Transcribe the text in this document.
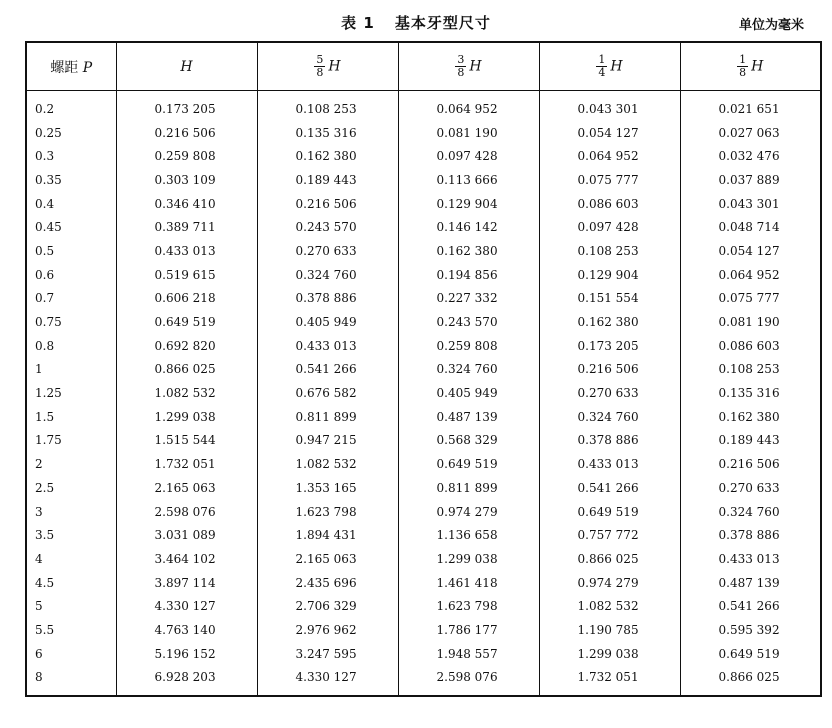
表 1 基本牙型尺寸	单位为毫米
螺距 P	H	$\frac{5}{8}$ H	$\frac{3}{8}$ H	$\frac{1}{4}$ H	$\frac{1}{8}$ H
0.2	0.173 205	0.108 253	0.064 952	0.043 301	0.021 651
0.25	0.216 506	0.135 316	0.081 190	0.054 127	0.027 063
0.3	0.259 808	0.162 380	0.097 428	0.064 952	0.032 476
0.35	0.303 109	0.189 443	0.113 666	0.075 777	0.037 889
0.4	0.346 410	0.216 506	0.129 904	0.086 603	0.043 301
0.45	0.389 711	0.243 570	0.146 142	0.097 428	0.048 714
0.5	0.433 013	0.270 633	0.162 380	0.108 253	0.054 127
0.6	0.519 615	0.324 760	0.194 856	0.129 904	0.064 952
0.7	0.606 218	0.378 886	0.227 332	0.151 554	0.075 777
0.75	0.649 519	0.405 949	0.243 570	0.162 380	0.081 190
0.8	0.692 820	0.433 013	0.259 808	0.173 205	0.086 603
1	0.866 025	0.541 266	0.324 760	0.216 506	0.108 253
1.25	1.082 532	0.676 582	0.405 949	0.270 633	0.135 316
1.5	1.299 038	0.811 899	0.487 139	0.324 760	0.162 380
1.75	1.515 544	0.947 215	0.568 329	0.378 886	0.189 443
2	1.732 051	1.082 532	0.649 519	0.433 013	0.216 506
2.5	2.165 063	1.353 165	0.811 899	0.541 266	0.270 633
3	2.598 076	1.623 798	0.974 279	0.649 519	0.324 760
3.5	3.031 089	1.894 431	1.136 658	0.757 772	0.378 886
4	3.464 102	2.165 063	1.299 038	0.866 025	0.433 013
4.5	3.897 114	2.435 696	1.461 418	0.974 279	0.487 139
5	4.330 127	2.706 329	1.623 798	1.082 532	0.541 266
5.5	4.763 140	2.976 962	1.786 177	1.190 785	0.595 392
6	5.196 152	3.247 595	1.948 557	1.299 038	0.649 519
8	6.928 203	4.330 127	2.598 076	1.732 051	0.866 025
